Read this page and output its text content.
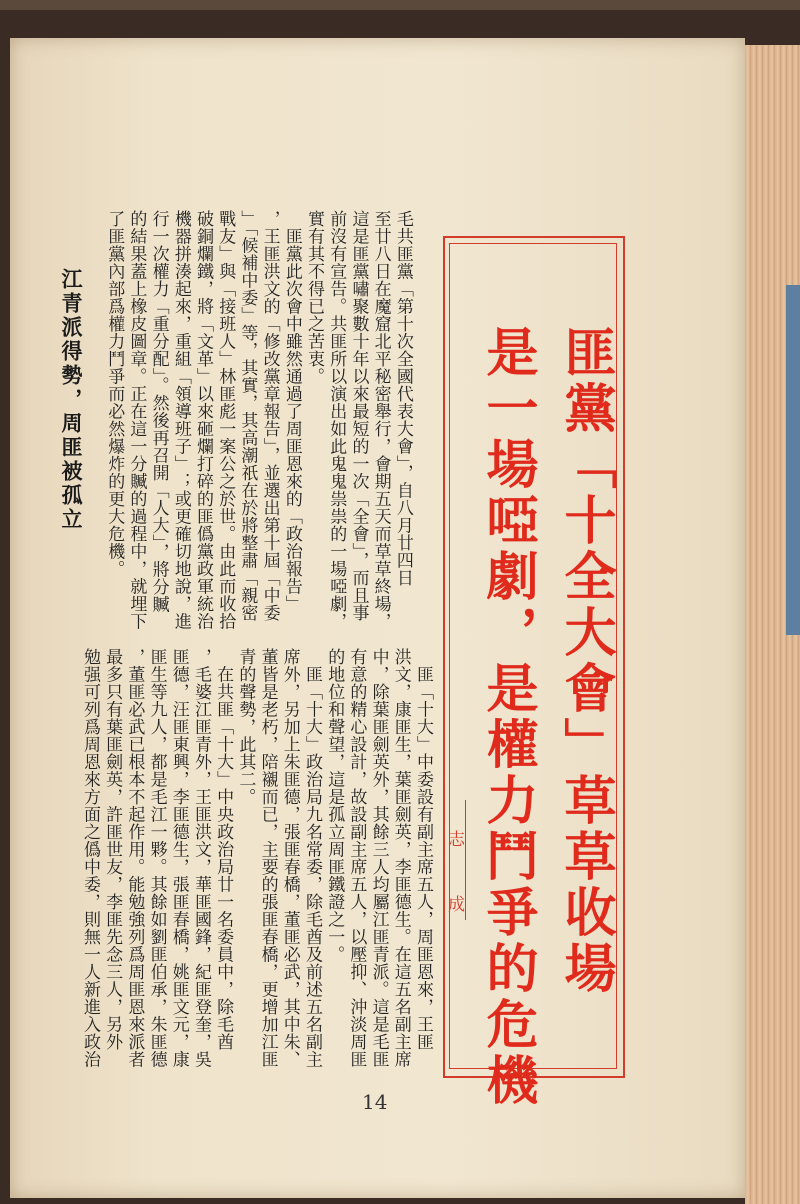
毛共匪黨「第十次全國代表大會」，自八月廿四日
至廿八日在魔窟北平秘密舉行，會期五天而草草終場，
這是匪黨嘯聚數十年以來最短的一次「全會」，而且事
前沒有宣告。共匪所以演出如此鬼鬼祟祟的一場啞劇，
實有其不得已之苦衷。
　匪黨此次會中雖然通過了周匪恩來的「政治報告」
，王匪洪文的「修改黨章報告」，並選出第十屆「中委
」「候補中委」等，其實，其高潮祇在於將整肅「親密
戰友」與「接班人」林匪彪一案公之於世。由此而收拾
破銅爛鐵，將「文革」以來砸爛打碎的匪僞黨政軍統治
機器拼湊起來，重組「領導班子」；或更確切地說，進
行一次權力「重分配」。然後再召開「人大」，將分贓
的結果蓋上橡皮圖章。正在這一分贓的過程中，就埋下
了匪黨內部爲權力鬥爭而必然爆炸的更大危機。
江青派得勢，周匪被孤立
　匪「十大」中委設有副主席五人，周匪恩來，王匪
洪文，康匪生，葉匪劍英，李匪德生。在這五名副主席
中，除葉匪劍英外，其餘三人均屬江匪青派。這是毛匪
有意的精心設計，故設副主席五人，以壓抑、沖淡周匪
的地位和聲望，這是孤立周匪鐵證之一。
　匪「十大」政治局九名常委，除毛酋及前述五名副主
席外，另加上朱匪德，張匪春橋，董匪必武，其中朱、
董皆是老朽，陪襯而已，主要的張匪春橋，更增加江匪
青的聲勢，此其二。
　在共匪「十大」中央政治局廿一名委員中，除毛酋
，毛婆江匪青外，王匪洪文，華匪國鋒，紀匪登奎，吳
匪德，汪匪東興，李匪德生，張匪春橋，姚匪文元，康
匪生等九人，都是毛江一夥。其餘如劉匪伯承，朱匪德
，董匪必武已根本不起作用。能勉強列爲周匪恩來派者
最多只有葉匪劍英，許匪世友，李匪先念三人，另外
勉强可列爲周恩來方面之僞中委，則無一人新進入政治	匪黨「十全大會」草草收場
是一場啞劇，是權力鬥爭的危機
志
成
14
